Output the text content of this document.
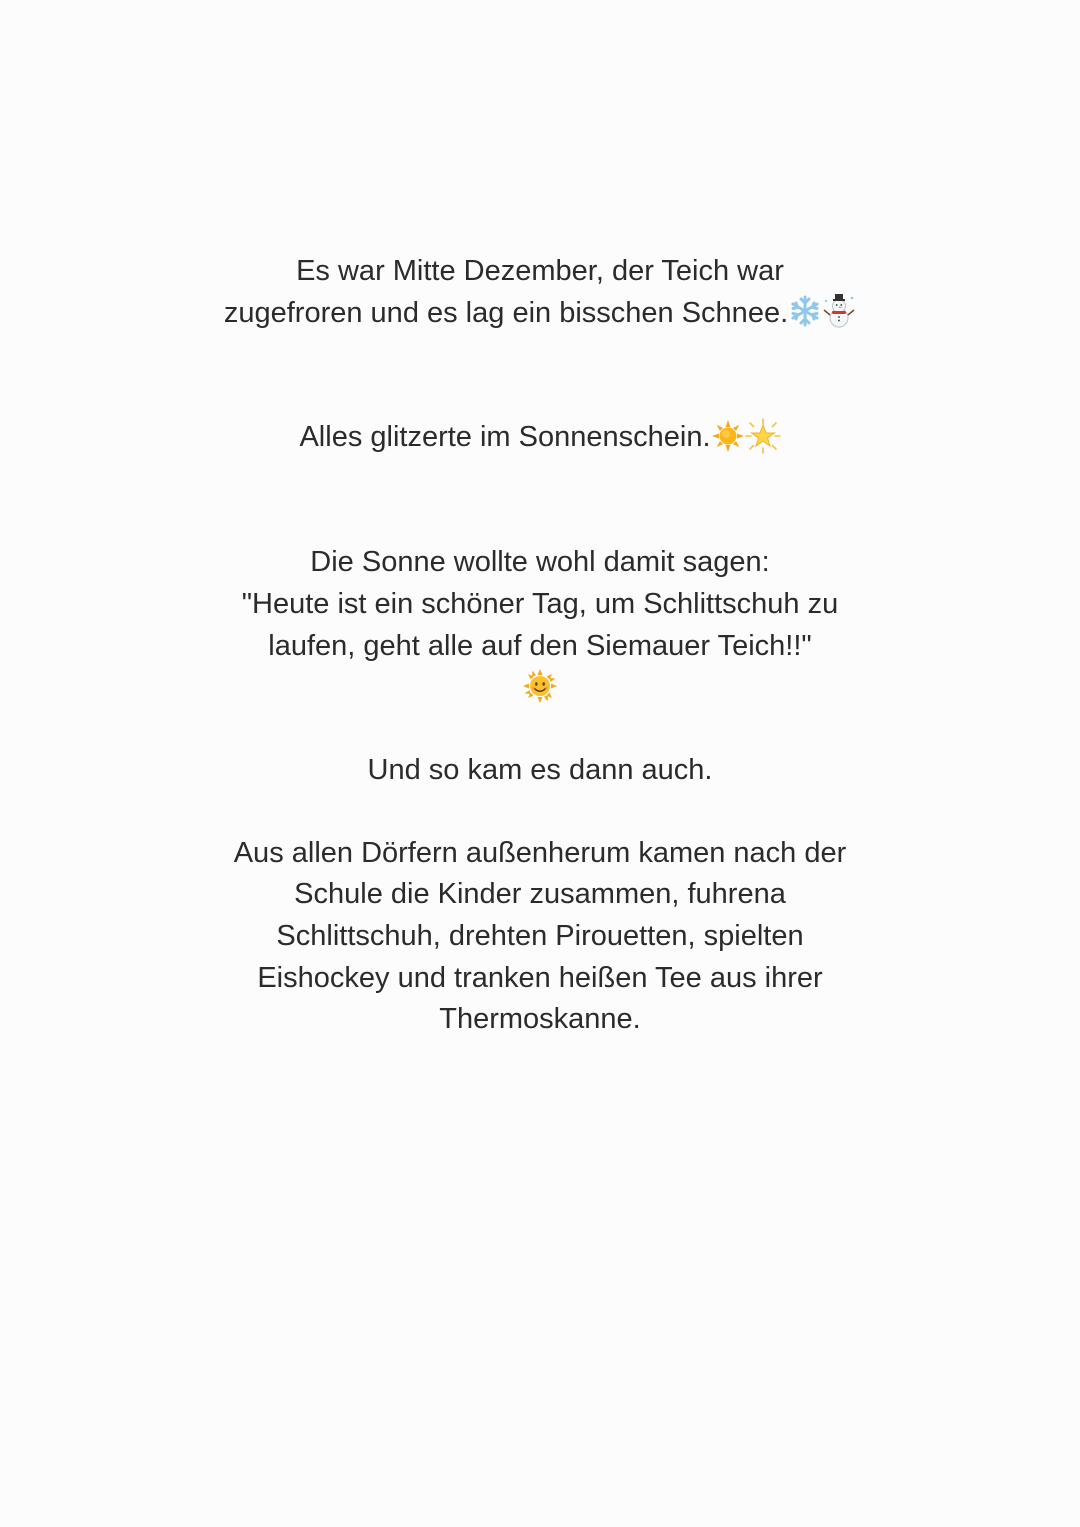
Es war Mitte Dezember, der Teich war
zugefroren und es lag ein bisschen Schnee.
Alles glitzerte im Sonnenschein.
Die Sonne wollte wohl damit sagen:
"Heute ist ein schöner Tag, um Schlittschuh zu
laufen, geht alle auf den Siemauer Teich!!"
Und so kam es dann auch.
Aus allen Dörfern außenherum kamen nach der
Schule die Kinder zusammen, fuhrena
Schlittschuh, drehten Pirouetten, spielten
Eishockey und tranken heißen Tee aus ihrer
Thermoskanne.
